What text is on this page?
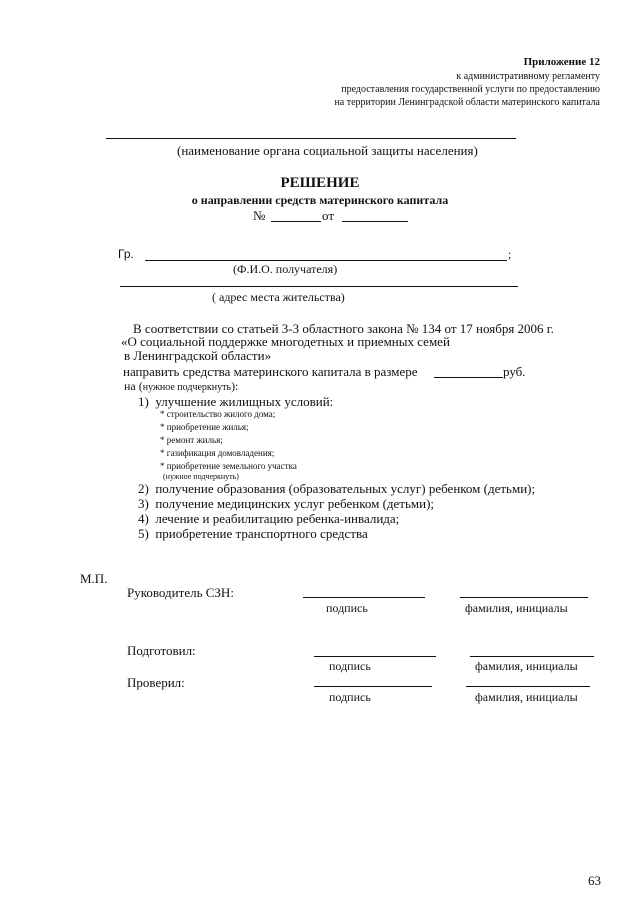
Приложение 12
к административному регламенту
предоставления государственной услуги по предоставлению
на территории Ленинградской области материнского капитала
(наименование органа социальной защиты населения)
РЕШЕНИЕ
о направлении средств материнского капитала
№	от
Гр.	;
(Ф.И.О. получателя)
( адрес места жительства)
В соответствии со статьей 3-3 областного закона № 134 от 17 ноября 2006 г.
«О социальной поддержке многодетных и приемных семей
в Ленинградской области»
направить средства материнского капитала в размере	руб.
на (нужное подчеркнуть):
1) улучшение жилищных условий:
* строительство жилого дома;
* приобретение жилья;
* ремонт жилья;
* газификация домовладения;
* приобретение земельного участка
(нужное подчеркнуть)
2) получение образования (образовательных услуг) ребенком (детьми);
3) получение медицинских услуг ребенком (детьми);
4) лечение и реабилитацию ребенка-инвалида;
5) приобретение транспортного средства
М.П.
Руководитель СЗН:
подпись	фамилия, инициалы
Подготовил:
подпись	фамилия, инициалы
Проверил:
подпись	фамилия, инициалы
63
